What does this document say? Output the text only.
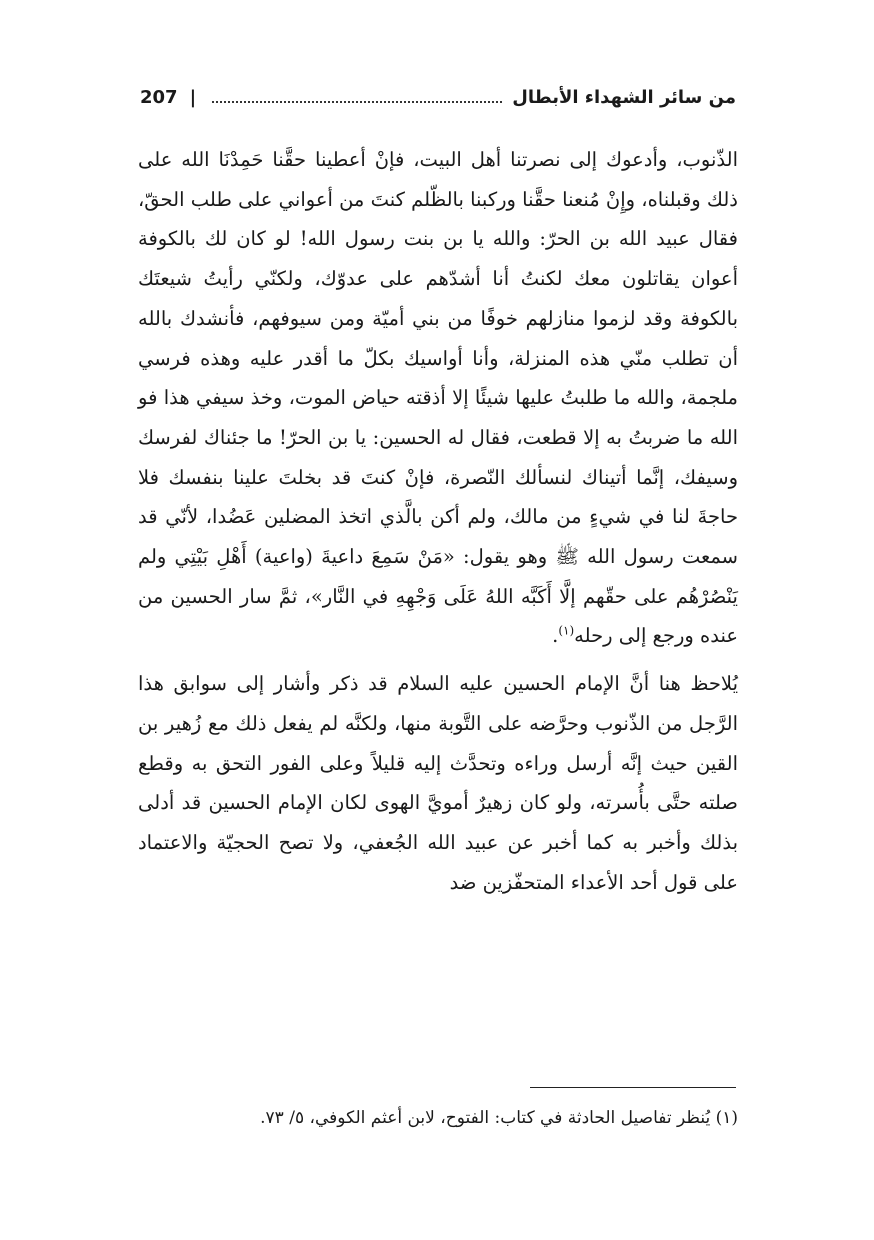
من سائر الشهداء الأبطال
|
207

الذّنوب، وأدعوك إلى نصرتنا أهل البيت، فإنْ أعطينا حقَّنا حَمِدْنَا الله على ذلك وقبلناه، وإِنْ مُنعنا حقَّنا وركبنا بالظّلم كنتَ من أعواني على طلب الحقّ، فقال عبيد الله بن الحرّ: والله يا بن بنت رسول الله! لو كان لك بالكوفة أعوان يقاتلون معك لكنتُ أنا أشدّهم على عدوّك، ولكنّي رأيتُ شيعتَك بالكوفة وقد لزموا منازلهم خوفًا من بني أميّة ومن سيوفهم، فأنشدك بالله أن تطلب منّي هذه المنزلة، وأنا أواسيك بكلّ ما أقدر عليه وهذه فرسي ملجمة، والله ما طلبتُ عليها شيئًا إلا أذقته حياض الموت، وخذ سيفي هذا فو الله ما ضربتُ به إلا قطعت، فقال له الحسين: يا بن الحرّ! ما جئناك لفرسك وسيفك، إنَّما أتيناك لنسألك النّصرة، فإنْ كنتَ قد بخلتَ علينا بنفسك فلا حاجةَ لنا في شيءٍ من مالك، ولم أكن بالَّذي اتخذ المضلين عَضُدا، لأنّي قد سمعت رسول الله ﷺ وهو يقول: «مَنْ سَمِعَ داعيةَ (واعية) أَهْلِ بَيْتِي ولم يَنْصُرْهُم على حقّهم إلَّا أَكَبَّه اللهُ عَلَى وَجْهِهِ في النَّار»، ثمَّ سار الحسين من عنده ورجع إلى رحله$^{(١)}$.

يُلاحظ هنا أنَّ الإمام الحسين عليه السلام قد ذكر وأشار إلى سوابق هذا الرَّجل من الذّنوب وحرَّضه على التَّوبة منها، ولكنَّه لم يفعل ذلك مع زُهير بن القين حيث إنَّه أرسل وراءه وتحدَّث إليه قليلاً وعلى الفور التحق به وقطع صلته حتَّى بأُسرته، ولو كان زهيرٌ أمويَّ الهوى لكان الإمام الحسين قد أدلى بذلك وأخبر به كما أخبر عن عبيد الله الجُعفي، ولا تصح الحجيّة والاعتماد على قول أحد الأعداء المتحفّزين ضد

(١) يُنظر تفاصيل الحادثة في كتاب: الفتوح، لابن أعثم الكوفي، ٥/ ٧٣.
